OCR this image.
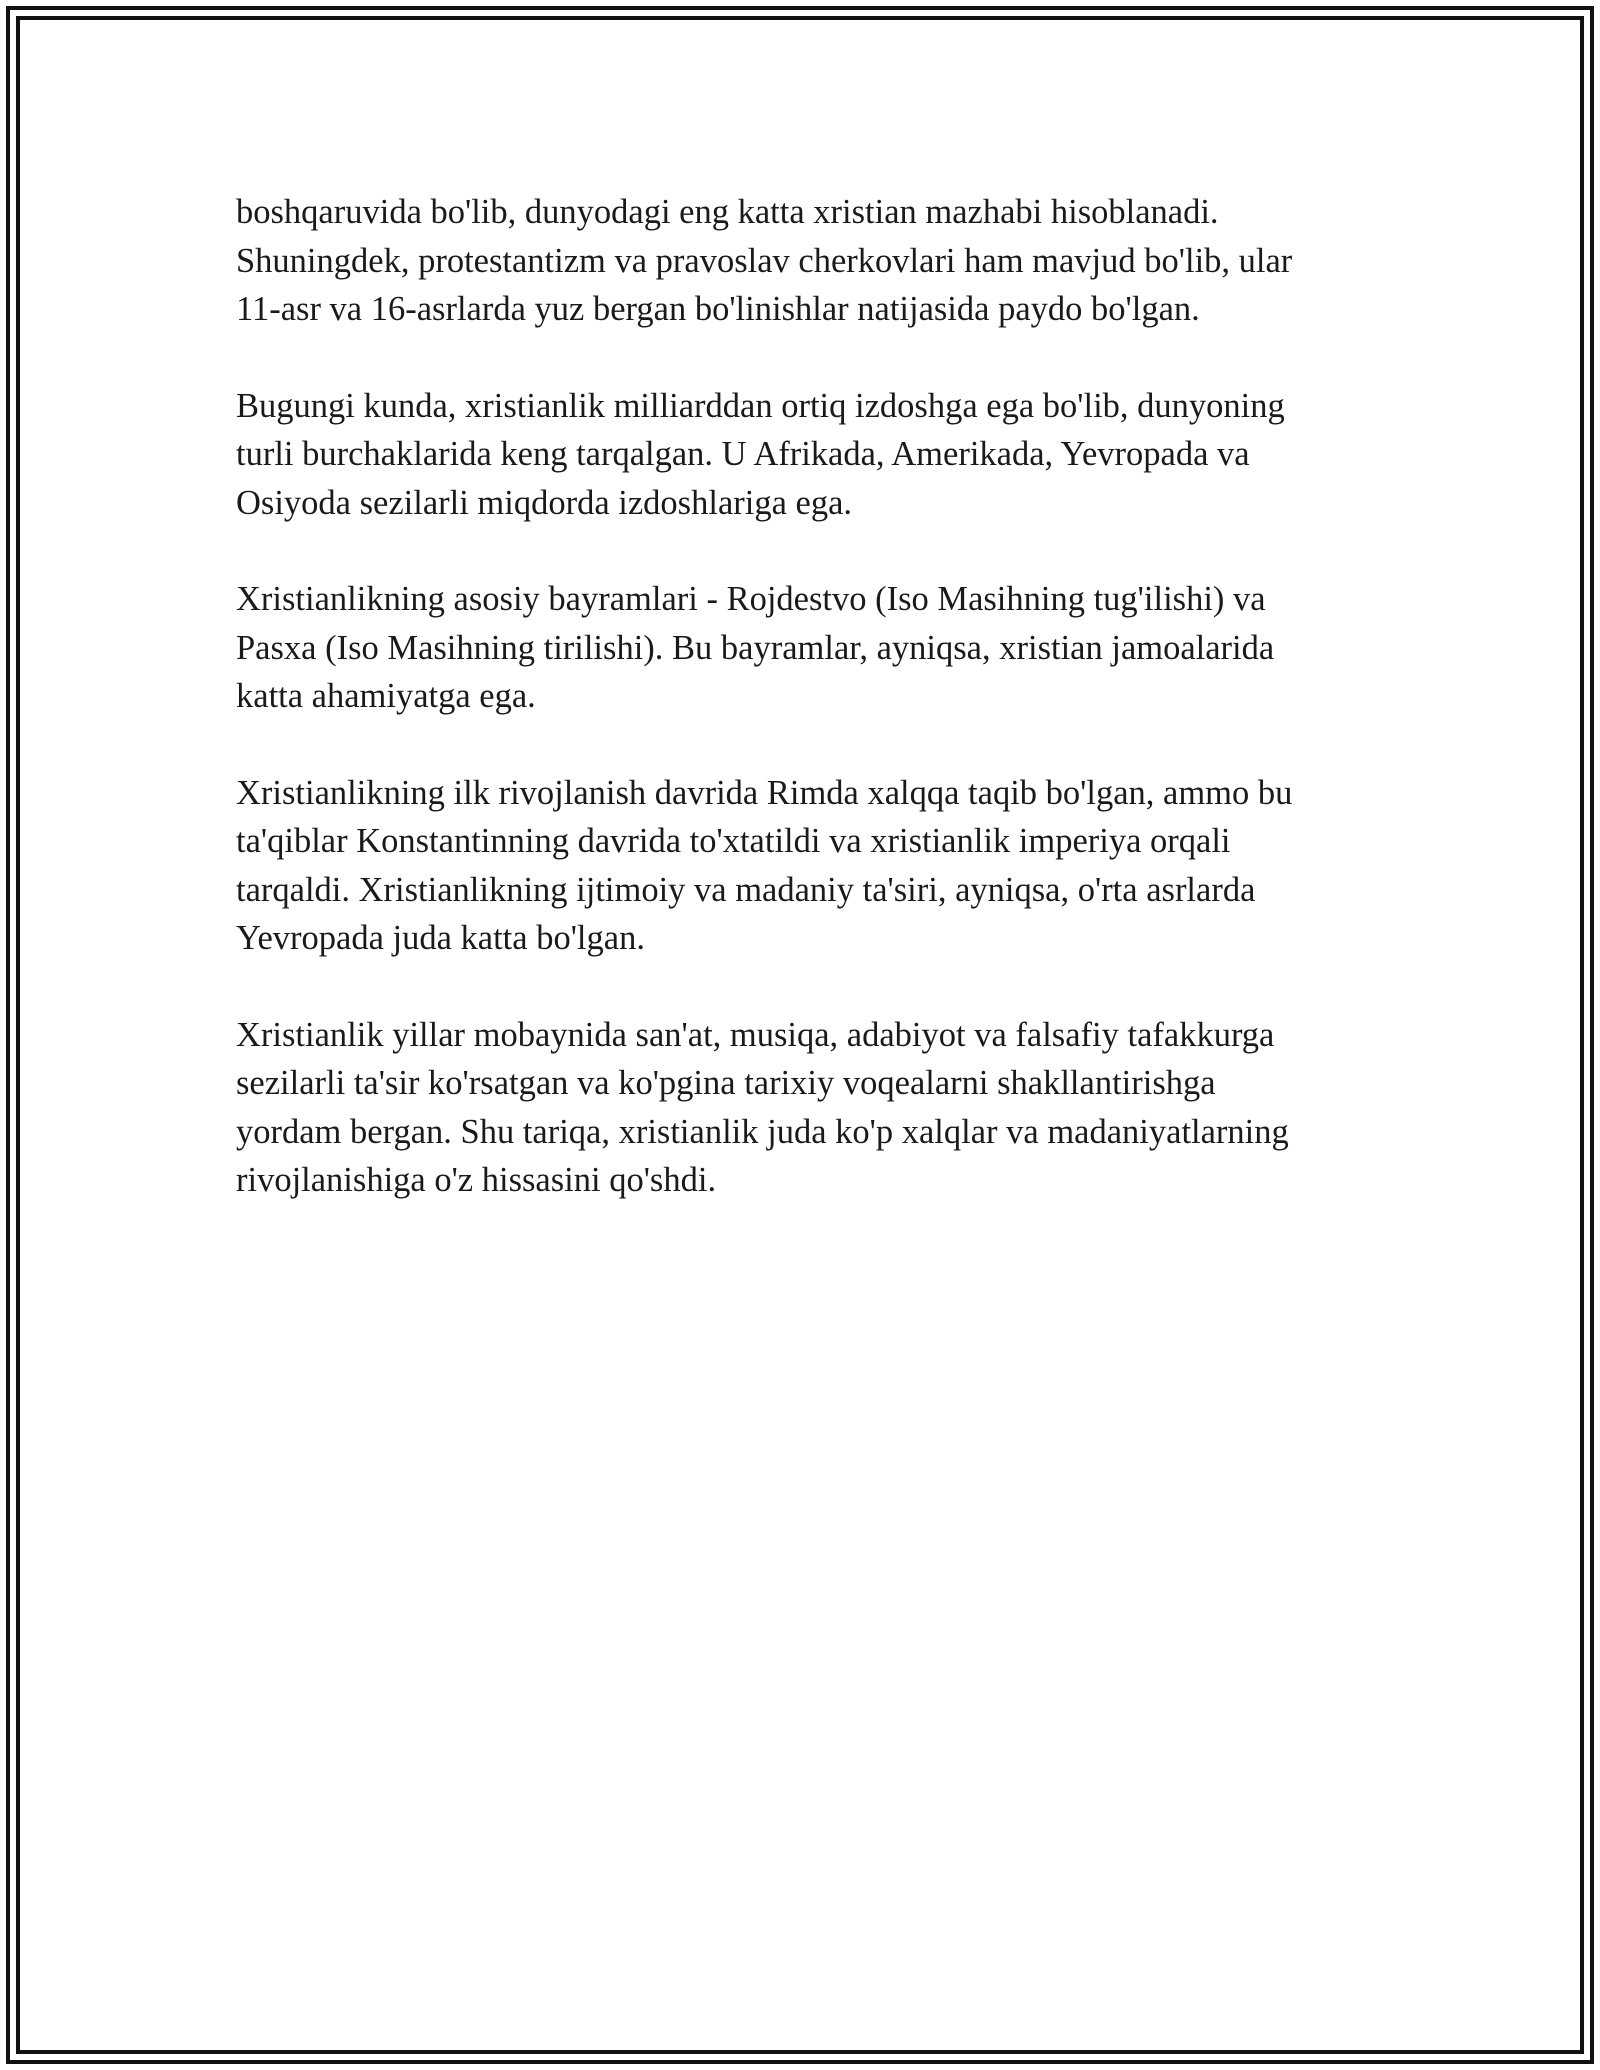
boshqaruvida bo'lib, dunyodagi eng katta xristian mazhabi hisoblanadi.
Shuningdek, protestantizm va pravoslav cherkovlari ham mavjud bo'lib, ular
11-asr va 16-asrlarda yuz bergan bo'linishlar natijasida paydo bo'lgan.

Bugungi kunda, xristianlik milliarddan ortiq izdoshga ega bo'lib, dunyoning
turli burchaklarida keng tarqalgan. U Afrikada, Amerikada, Yevropada va
Osiyoda sezilarli miqdorda izdoshlariga ega.

Xristianlikning asosiy bayramlari - Rojdestvo (Iso Masihning tug'ilishi) va
Pasxa (Iso Masihning tirilishi). Bu bayramlar, ayniqsa, xristian jamoalarida
katta ahamiyatga ega.

Xristianlikning ilk rivojlanish davrida Rimda xalqqa taqib bo'lgan, ammo bu
ta'qiblar Konstantinning davrida to'xtatildi va xristianlik imperiya orqali
tarqaldi. Xristianlikning ijtimoiy va madaniy ta'siri, ayniqsa, o'rta asrlarda
Yevropada juda katta bo'lgan.

Xristianlik yillar mobaynida san'at, musiqa, adabiyot va falsafiy tafakkurga
sezilarli ta'sir ko'rsatgan va ko'pgina tarixiy voqealarni shakllantirishga
yordam bergan. Shu tariqa, xristianlik juda ko'p xalqlar va madaniyatlarning
rivojlanishiga o'z hissasini qo'shdi.
